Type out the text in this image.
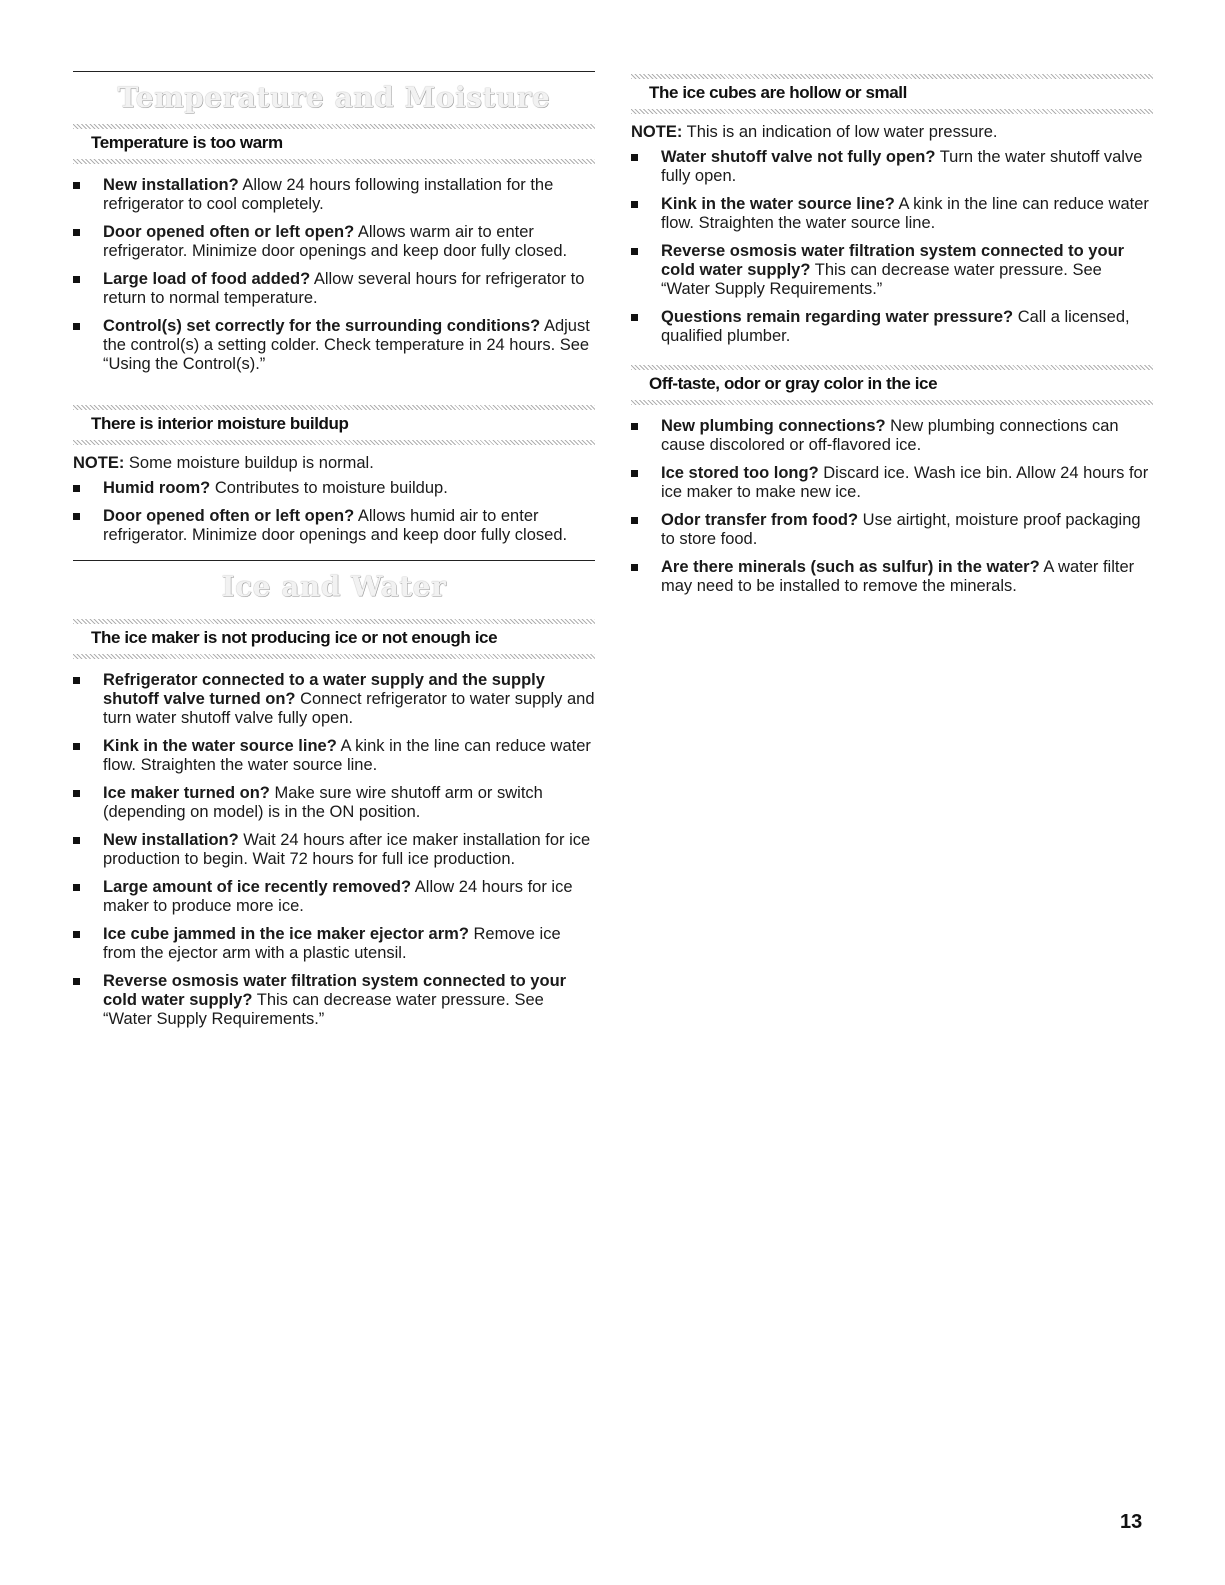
Temperature and Moisture
Temperature is too warm
New installation? Allow 24 hours following installation for the refrigerator to cool completely.
Door opened often or left open? Allows warm air to enter refrigerator. Minimize door openings and keep door fully closed.
Large load of food added? Allow several hours for refrigerator to return to normal temperature.
Control(s) set correctly for the surrounding conditions? Adjust the control(s) a setting colder. Check temperature in 24 hours. See “Using the Control(s).”
There is interior moisture buildup

NOTE: Some moisture buildup is normal.

Humid room? Contributes to moisture buildup.
Door opened often or left open? Allows humid air to enter refrigerator. Minimize door openings and keep door fully closed.
Ice and Water
The ice maker is not producing ice or not enough ice
Refrigerator connected to a water supply and the supply shutoff valve turned on? Connect refrigerator to water supply and turn water shutoff valve fully open.
Kink in the water source line? A kink in the line can reduce water flow. Straighten the water source line.
Ice maker turned on? Make sure wire shutoff arm or switch (depending on model) is in the ON position.
New installation? Wait 24 hours after ice maker installation for ice production to begin. Wait 72 hours for full ice production.
Large amount of ice recently removed? Allow 24 hours for ice maker to produce more ice.
Ice cube jammed in the ice maker ejector arm? Remove ice from the ejector arm with a plastic utensil.
Reverse osmosis water filtration system connected to your cold water supply? This can decrease water pressure. See “Water Supply Requirements.”
The ice cubes are hollow or small

NOTE: This is an indication of low water pressure.

Water shutoff valve not fully open? Turn the water shutoff valve fully open.
Kink in the water source line? A kink in the line can reduce water flow. Straighten the water source line.
Reverse osmosis water filtration system connected to your cold water supply? This can decrease water pressure. See “Water Supply Requirements.”
Questions remain regarding water pressure? Call a licensed, qualified plumber.
Off-taste, odor or gray color in the ice
New plumbing connections? New plumbing connections can cause discolored or off-flavored ice.
Ice stored too long? Discard ice. Wash ice bin. Allow 24 hours for ice maker to make new ice.
Odor transfer from food? Use airtight, moisture proof packaging to store food.
Are there minerals (such as sulfur) in the water? A water filter may need to be installed to remove the minerals.
13
